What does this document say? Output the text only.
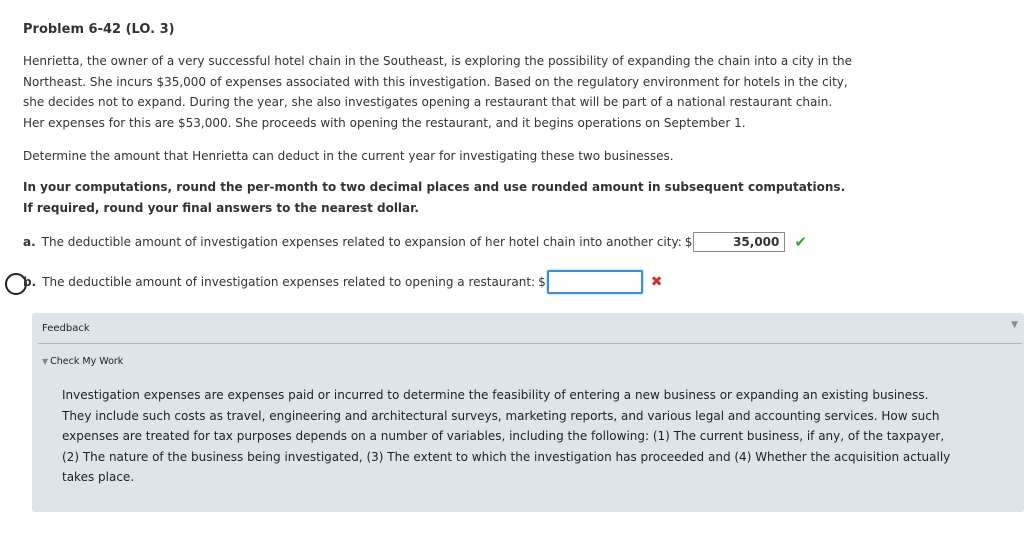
Problem 6-42 (LO. 3)
Henrietta, the owner of a very successful hotel chain in the Southeast, is exploring the possibility of expanding the chain into a city in the Northeast. She incurs $35,000 of expenses associated with this investigation. Based on the regulatory environment for hotels in the city, she decides not to expand. During the year, she also investigates opening a restaurant that will be part of a national restaurant chain. Her expenses for this are $53,000. She proceeds with opening the restaurant, and it begins operations on September 1.
Determine the amount that Henrietta can deduct in the current year for investigating these two businesses.
In your computations, round the per-month to two decimal places and use rounded amount in subsequent computations. If required, round your final answers to the nearest dollar.
a. The deductible amount of investigation expenses related to expansion of her hotel chain into another city: $	35,000	✔
b. The deductible amount of investigation expenses related to opening a restaurant: $	✖
Feedback	▼
▼ Check My Work
Investigation expenses are expenses paid or incurred to determine the feasibility of entering a new business or expanding an existing business. They include such costs as travel, engineering and architectural surveys, marketing reports, and various legal and accounting services. How such expenses are treated for tax purposes depends on a number of variables, including the following: (1) The current business, if any, of the taxpayer, (2) The nature of the business being investigated, (3) The extent to which the investigation has proceeded and (4) Whether the acquisition actually takes place.
